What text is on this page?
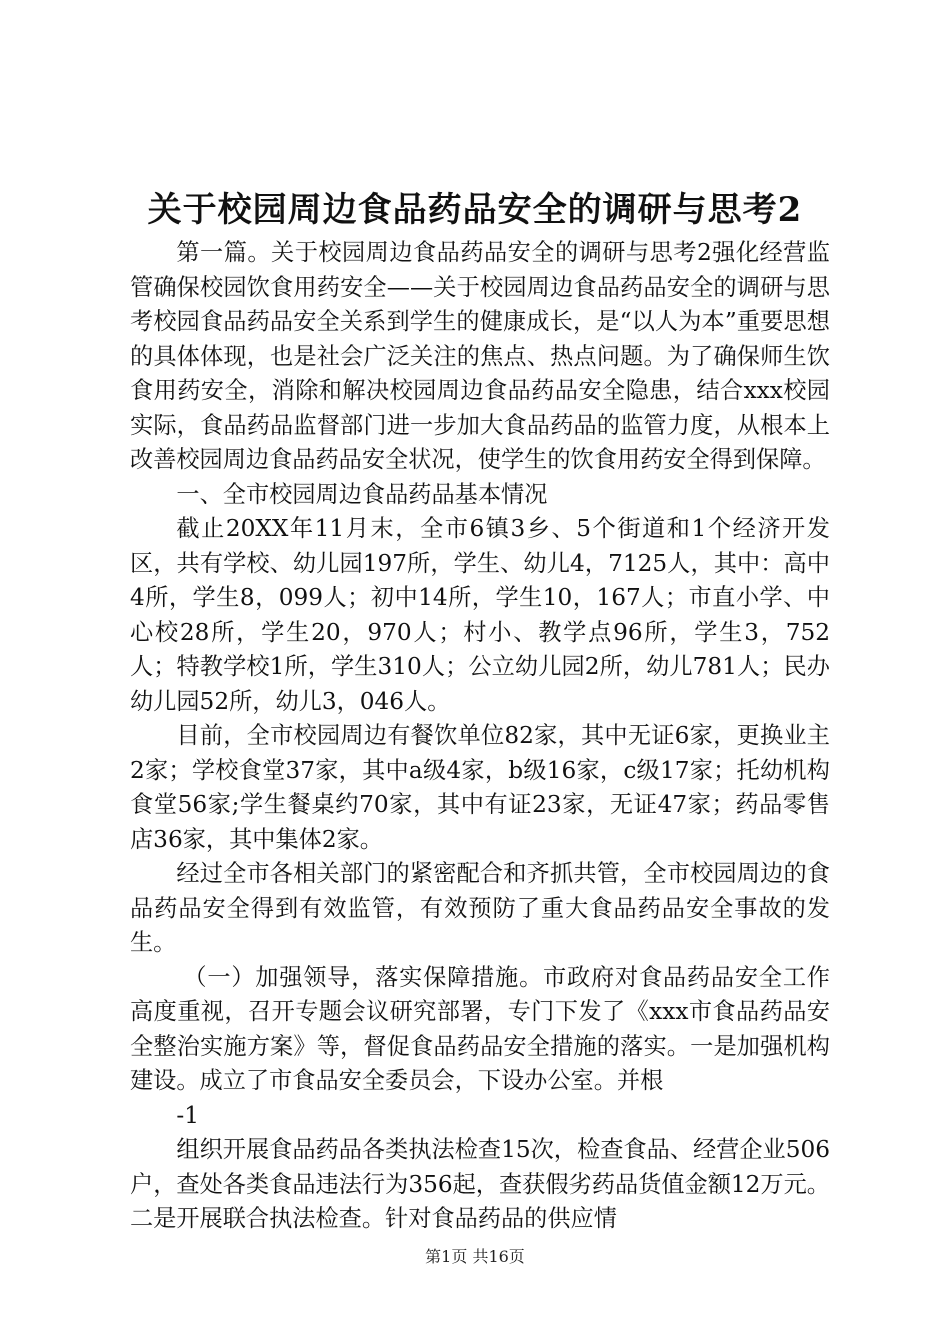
关于校园周边食品药品安全的调研与思考2

第一篇。关于校园周边食品药品安全的调研与思考2强化经营监管确保校园饮食用药安全——关于校园周边食品药品安全的调研与思考校园食品药品安全关系到学生的健康成长，是“以人为本”重要思想的具体体现，也是社会广泛关注的焦点、热点问题。为了确保师生饮食用药安全，消除和解决校园周边食品药品安全隐患，结合xxx校园实际，食品药品监督部门进一步加大食品药品的监管力度，从根本上改善校园周边食品药品安全状况，使学生的饮食用药安全得到保障。

一、全市校园周边食品药品基本情况

截止20XX年11月末，全市6镇3乡、5个街道和1个经济开发区，共有学校、幼儿园197所，学生、幼儿4，7125人，其中：高中4所，学生8，099人；初中14所，学生10，167人；市直小学、中心校28所，学生20，970人；村小、教学点96所，学生3，752人；特教学校1所，学生310人；公立幼儿园2所，幼儿781人；民办幼儿园52所，幼儿3，046人。

目前，全市校园周边有餐饮单位82家，其中无证6家，更换业主2家；学校食堂37家，其中a级4家，b级16家，c级17家；托幼机构食堂56家;学生餐桌约70家，其中有证23家，无证47家；药品零售店36家，其中集体2家。

经过全市各相关部门的紧密配合和齐抓共管，全市校园周边的食品药品安全得到有效监管，有效预防了重大食品药品安全事故的发生。

（一）加强领导，落实保障措施。市政府对食品药品安全工作高度重视，召开专题会议研究部署，专门下发了《xxx市食品药品安全整治实施方案》等，督促食品药品安全措施的落实。一是加强机构建设。成立了市食品安全委员会，下设办公室。并根

-1

组织开展食品药品各类执法检查15次，检查食品、经营企业506户，查处各类食品违法行为356起，查获假劣药品货值金额12万元。二是开展联合执法检查。针对食品药品的供应情

第1页 共16页
